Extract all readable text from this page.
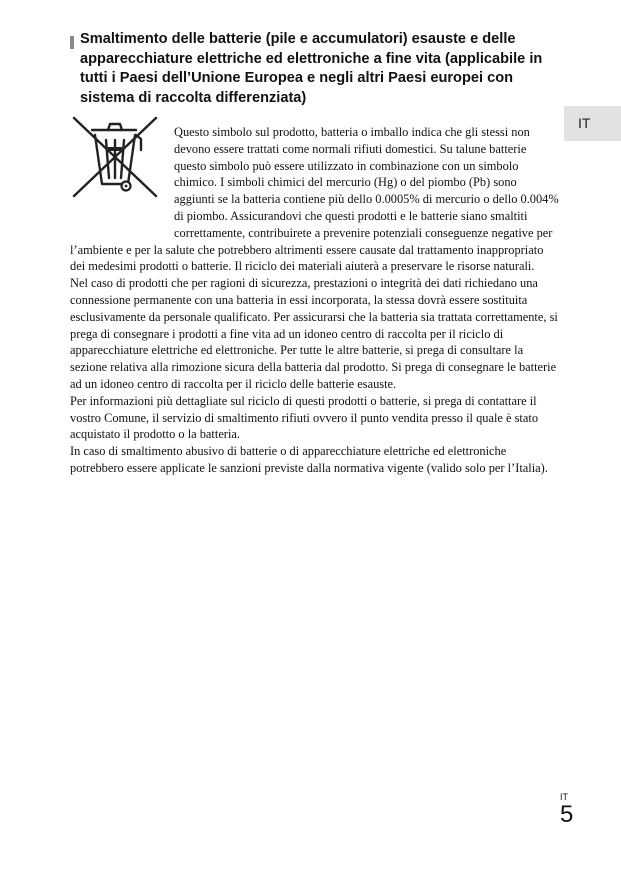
IT
Smaltimento delle batterie (pile e accumulatori) esauste e delle apparecchiature elettriche ed elettroniche a fine vita (applicabile in tutti i Paesi dell’Unione Europea e negli altri Paesi europei con sistema di raccolta differenziata)

Questo simbolo sul prodotto, batteria o imballo indica che gli stessi non devono essere trattati come normali rifiuti domestici. Su talune batterie questo simbolo può essere utilizzato in combinazione con un simbolo chimico. I simboli chimici del mercurio (Hg) o del piombo (Pb) sono aggiunti se la batteria contiene più dello 0.0005% di mercurio o dello 0.004% di piombo. Assicurandovi che questi prodotti e le batterie siano smaltiti correttamente, contribuirete a prevenire potenziali conseguenze negative per l’ambiente e per la salute che potrebbero altrimenti essere causate dal trattamento inappropriato dei medesimi prodotti o batterie. Il riciclo dei materiali aiuterà a preservare le risorse naturali.

Nel caso di prodotti che per ragioni di sicurezza, prestazioni o integrità dei dati richiedano una connessione permanente con una batteria in essi incorporata, la stessa dovrà essere sostituita esclusivamente da personale qualificato. Per assicurarsi che la batteria sia trattata correttamente, si prega di consegnare i prodotti a fine vita ad un idoneo centro di raccolta per il riciclo di apparecchiature elettriche ed elettroniche. Per tutte le altre batterie, si prega di consultare la sezione relativa alla rimozione sicura della batteria dal prodotto. Si prega di consegnare le batterie ad un idoneo centro di raccolta per il riciclo delle batterie esauste.

Per informazioni più dettagliate sul riciclo di questi prodotti o batterie, si prega di contattare il vostro Comune, il servizio di smaltimento rifiuti ovvero il punto vendita presso il quale è stato acquistato il prodotto o la batteria.

In caso di smaltimento abusivo di batterie o di apparecchiature elettriche ed elettroniche potrebbero essere applicate le sanzioni previste dalla normativa vigente (valido solo per l’Italia).

IT
5
